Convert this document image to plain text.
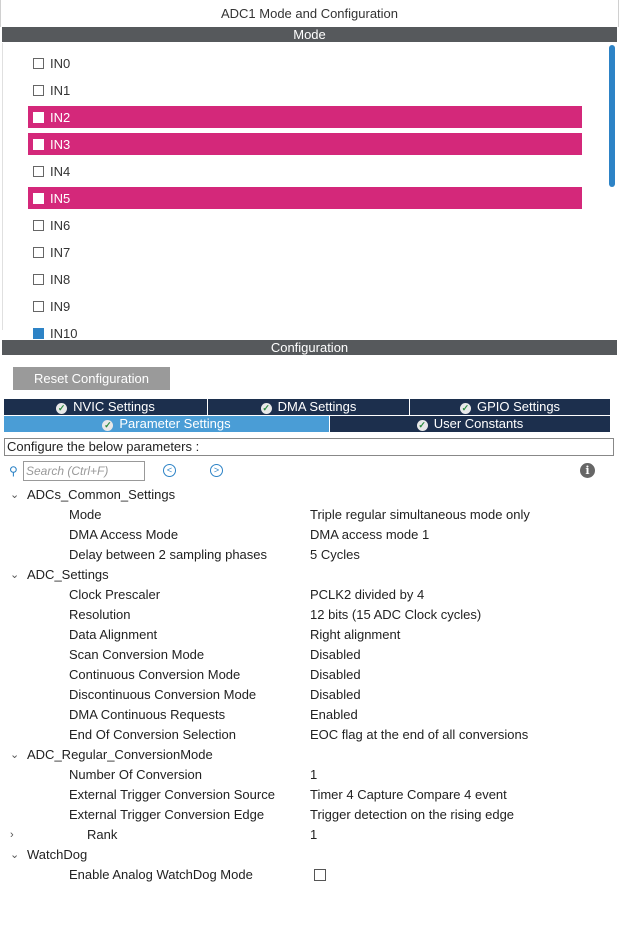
ADC1 Mode and Configuration
Mode
IN0
IN1
IN2
IN3
IN4
IN5
IN6
IN7
IN8
IN9
IN10
Configuration
Reset Configuration
✓ NVIC Settings	✓ DMA Settings	✓ GPIO Settings
✓ Parameter Settings	✓ User Constants
Configure the below parameters :
⚲
Search (Ctrl+F)	<	>	i
⌄ ADCs_Common_Settings
Mode	Triple regular simultaneous mode only
DMA Access Mode	DMA access mode 1
Delay between 2 sampling phases	5 Cycles
⌄ ADC_Settings
Clock Prescaler	PCLK2 divided by 4
Resolution	12 bits (15 ADC Clock cycles)
Data Alignment	Right alignment
Scan Conversion Mode	Disabled
Continuous Conversion Mode	Disabled
Discontinuous Conversion Mode	Disabled
DMA Continuous Requests	Enabled
End Of Conversion Selection	EOC flag at the end of all conversions
⌄ ADC_Regular_ConversionMode
Number Of Conversion	1
External Trigger Conversion Source	Timer 4 Capture Compare 4 event
External Trigger Conversion Edge	Trigger detection on the rising edge
›	Rank	1
⌄ WatchDog
Enable Analog WatchDog Mode
